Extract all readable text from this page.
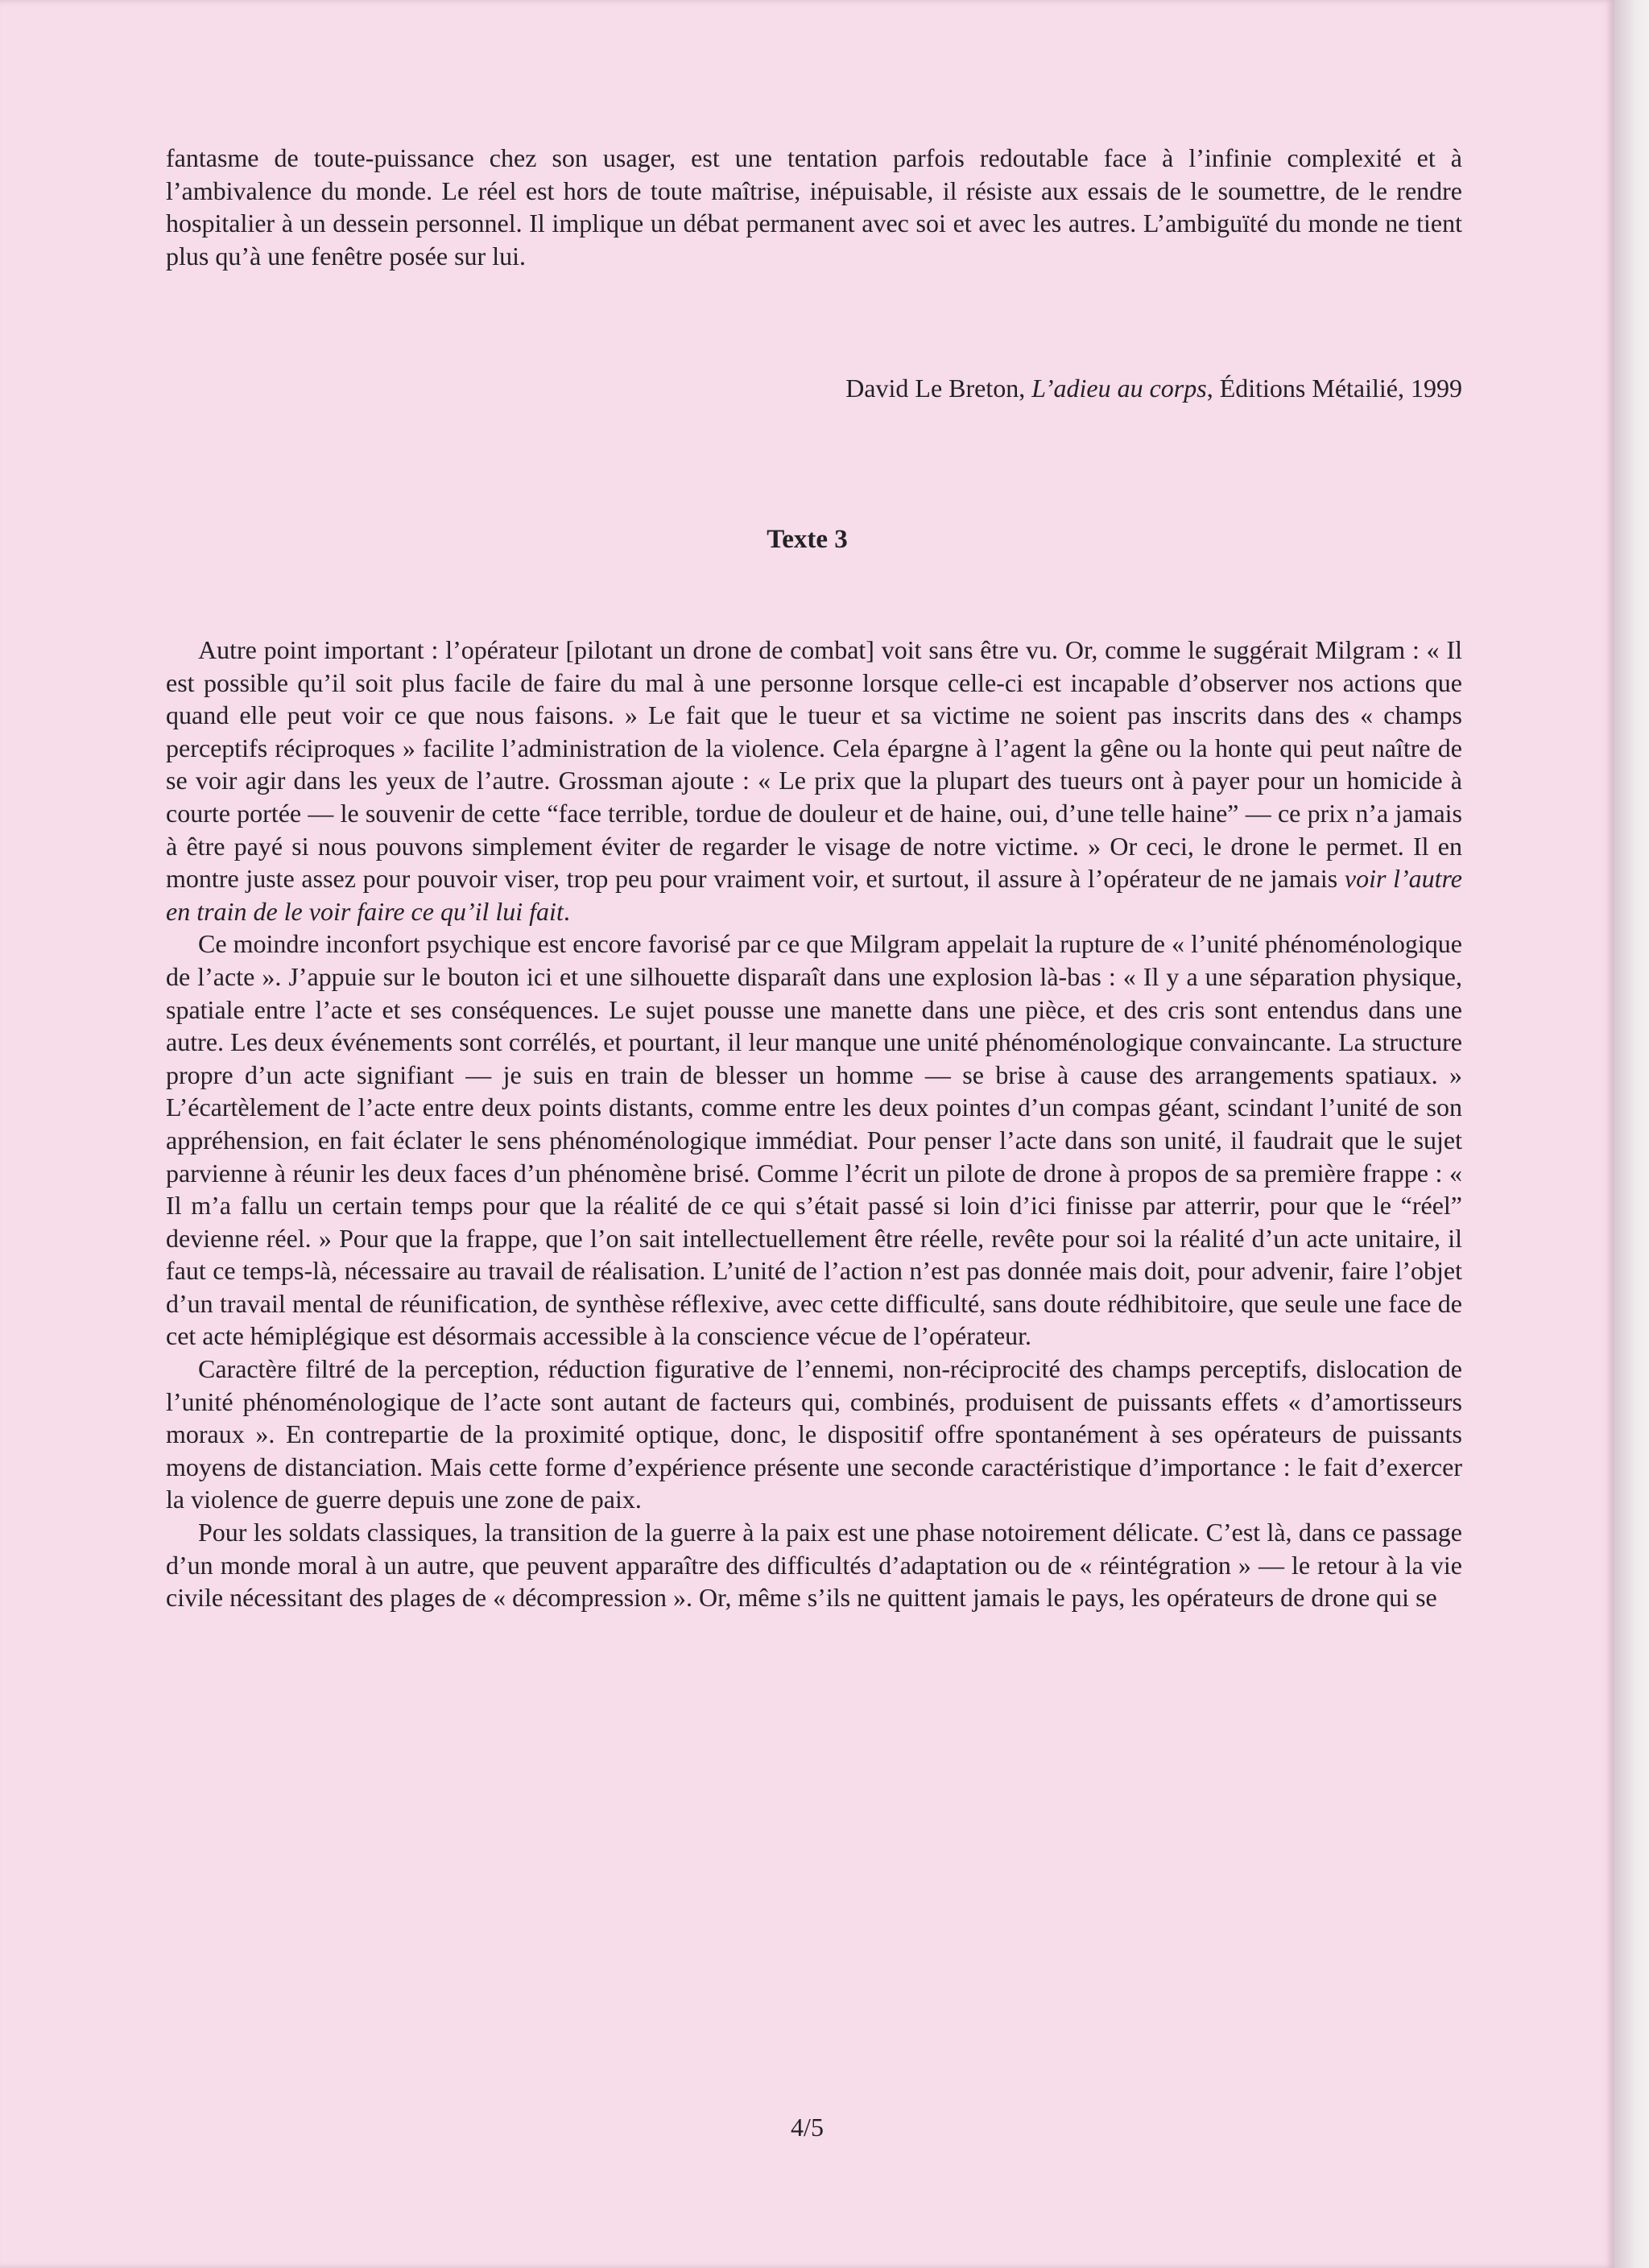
fantasme de toute-puissance chez son usager, est une tentation parfois redoutable face à l’infinie complexité et à l’ambivalence du monde. Le réel est hors de toute maîtrise, inépuisable, il résiste aux essais de le soumettre, de le rendre hospitalier à un dessein personnel. Il implique un débat permanent avec soi et avec les autres. L’ambiguïté du monde ne tient plus qu’à une fenêtre posée sur lui.

David Le Breton, L’adieu au corps, Éditions Métailié, 1999
Texte 3

Autre point important : l’opérateur [pilotant un drone de combat] voit sans être vu. Or, comme le suggérait Milgram : « Il est possible qu’il soit plus facile de faire du mal à une personne lorsque celle-ci est incapable d’observer nos actions que quand elle peut voir ce que nous faisons. » Le fait que le tueur et sa victime ne soient pas inscrits dans des « champs perceptifs réciproques » facilite l’administration de la violence. Cela épargne à l’agent la gêne ou la honte qui peut naître de se voir agir dans les yeux de l’autre. Grossman ajoute : « Le prix que la plupart des tueurs ont à payer pour un homicide à courte portée — le souvenir de cette “face terrible, tordue de douleur et de haine, oui, d’une telle haine” — ce prix n’a jamais à être payé si nous pouvons simplement éviter de regarder le visage de notre victime. » Or ceci, le drone le permet. Il en montre juste assez pour pouvoir viser, trop peu pour vraiment voir, et surtout, il assure à l’opérateur de ne jamais voir l’autre en train de le voir faire ce qu’il lui fait.

Ce moindre inconfort psychique est encore favorisé par ce que Milgram appelait la rupture de « l’unité phénoménologique de l’acte ». J’appuie sur le bouton ici et une silhouette disparaît dans une explosion là-bas : « Il y a une séparation physique, spatiale entre l’acte et ses conséquences. Le sujet pousse une manette dans une pièce, et des cris sont entendus dans une autre. Les deux événements sont corrélés, et pourtant, il leur manque une unité phénoménologique convaincante. La structure propre d’un acte signifiant — je suis en train de blesser un homme — se brise à cause des arrangements spatiaux. » L’écartèlement de l’acte entre deux points distants, comme entre les deux pointes d’un compas géant, scindant l’unité de son appréhension, en fait éclater le sens phénoménologique immédiat. Pour penser l’acte dans son unité, il faudrait que le sujet parvienne à réunir les deux faces d’un phénomène brisé. Comme l’écrit un pilote de drone à propos de sa première frappe : « Il m’a fallu un certain temps pour que la réalité de ce qui s’était passé si loin d’ici finisse par atterrir, pour que le “réel” devienne réel. » Pour que la frappe, que l’on sait intellectuellement être réelle, revête pour soi la réalité d’un acte unitaire, il faut ce temps-là, nécessaire au travail de réalisation. L’unité de l’action n’est pas donnée mais doit, pour advenir, faire l’objet d’un travail mental de réunification, de synthèse réflexive, avec cette difficulté, sans doute rédhibitoire, que seule une face de cet acte hémiplégique est désormais accessible à la conscience vécue de l’opérateur.

Caractère filtré de la perception, réduction figurative de l’ennemi, non-réciprocité des champs perceptifs, dislocation de l’unité phénoménologique de l’acte sont autant de facteurs qui, combinés, produisent de puissants effets « d’amortisseurs moraux ». En contrepartie de la proximité optique, donc, le dispositif offre spontanément à ses opérateurs de puissants moyens de distanciation. Mais cette forme d’expérience présente une seconde caractéristique d’importance : le fait d’exercer la violence de guerre depuis une zone de paix.

Pour les soldats classiques, la transition de la guerre à la paix est une phase notoirement délicate. C’est là, dans ce passage d’un monde moral à un autre, que peuvent apparaître des difficultés d’adaptation ou de « réintégration » — le retour à la vie civile nécessitant des plages de « décompression ». Or, même s’ils ne quittent jamais le pays, les opérateurs de drone qui se

4/5
